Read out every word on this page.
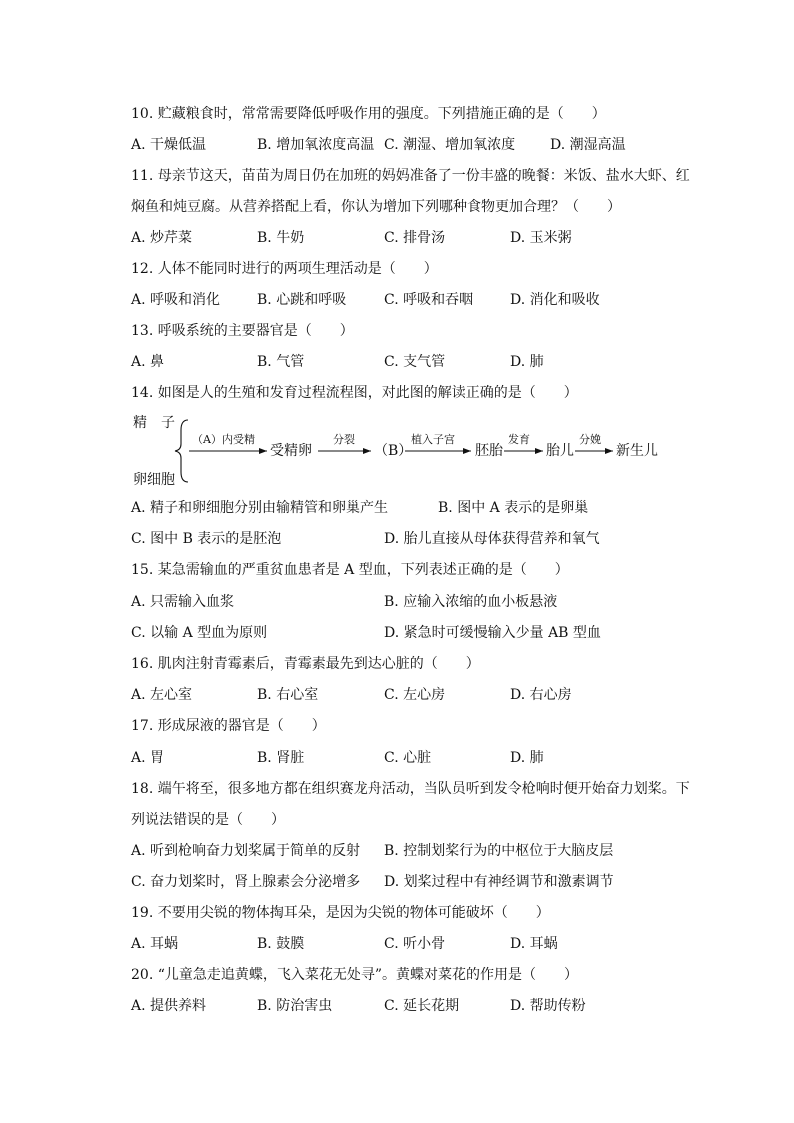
10. 贮藏粮食时，常常需要降低呼吸作用的强度。下列措施正确的是（　　）
A. 干燥低温	B. 增加氧浓度高温 C. 潮湿、增加氧浓度 D. 潮湿高温
11. 母亲节这天，苗苗为周日仍在加班的妈妈准备了一份丰盛的晚餐：米饭、盐水大虾、红
焖鱼和炖豆腐。从营养搭配上看，你认为增加下列哪种食物更加合理？（　　）
A. 炒芹菜	B. 牛奶	C. 排骨汤	D. 玉米粥
12. 人体不能同时进行的两项生理活动是（　　）
A. 呼吸和消化	B. 心跳和呼吸	C. 呼吸和吞咽	D. 消化和吸收
13. 呼吸系统的主要器官是（　　）
A. 鼻	B. 气管	C. 支气管	D. 肺
14. 如图是人的生殖和发育过程流程图，对此图的解读正确的是（　　）
精　子
卵细胞
（A）内受精
受精卵
分裂
（B）
植入子宫
胚胎
发育
胎儿
分娩
新生儿
A. 精子和卵细胞分别由输精管和卵巢产生	B. 图中 A 表示的是卵巢
C. 图中 B 表示的是胚泡	D. 胎儿直接从母体获得营养和氧气
15. 某急需输血的严重贫血患者是 A 型血，下列表述正确的是（　　）
A. 只需输入血浆	B. 应输入浓缩的血小板悬液
C. 以输 A 型血为原则	D. 紧急时可缓慢输入少量 AB 型血
16. 肌肉注射青霉素后，青霉素最先到达心脏的（　　）
A. 左心室	B. 右心室	C. 左心房	D. 右心房
17. 形成尿液的器官是（　　）
A. 胃	B. 肾脏	C. 心脏	D. 肺
18. 端午将至，很多地方都在组织赛龙舟活动，当队员听到发令枪响时便开始奋力划桨。下
列说法错误的是（　　）
A. 听到枪响奋力划桨属于简单的反射 B. 控制划桨行为的中枢位于大脑皮层
C. 奋力划桨时，肾上腺素会分泌增多 D. 划桨过程中有神经调节和激素调节
19. 不要用尖锐的物体掏耳朵，是因为尖锐的物体可能破坏（　　）
A. 耳蜗	B. 鼓膜	C. 听小骨	D. 耳蜗
20. “儿童急走追黄蝶，飞入菜花无处寻”。黄蝶对菜花的作用是（　　）
A. 提供养料	B. 防治害虫	C. 延长花期	D. 帮助传粉
